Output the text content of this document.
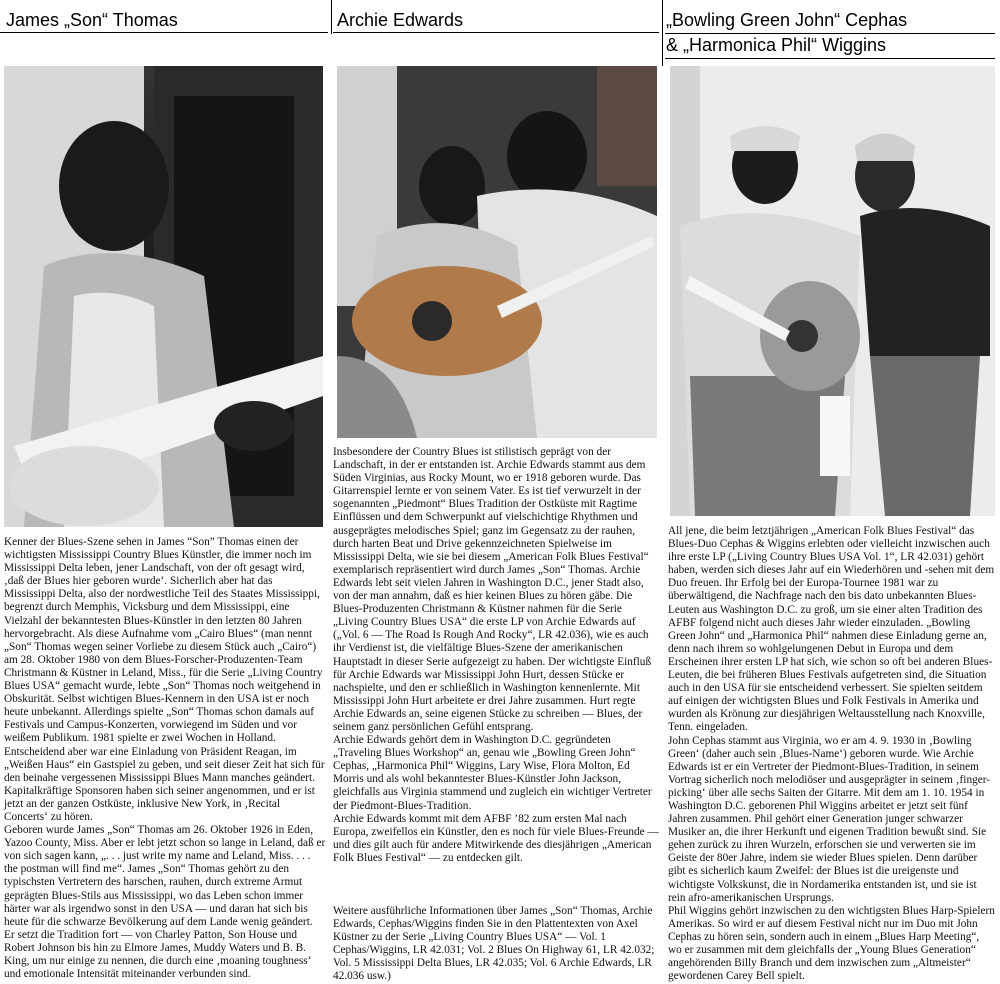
James „Son“ Thomas

Kenner der Blues-Szene sehen in James “Son” Thomas einen der wichtigsten Mississippi Country Blues Künstler, die immer noch im Mississippi Delta leben, jener Landschaft, von der oft gesagt wird, ‚daß der Blues hier geboren wurde‘. Sicherlich aber hat das Mississippi Delta, also der nordwestliche Teil des Staates Mississippi, begrenzt durch Memphis, Vicksburg und dem Mississippi, eine Vielzahl der bekanntesten Blues-Künstler in den letzten 80 Jahren hervorgebracht. Als diese Aufnahme vom „Cairo Blues“ (man nennt „Son“ Thomas wegen seiner Vorliebe zu diesem Stück auch „Cairo“) am 28. Oktober 1980 von dem Blues-Forscher-Produzenten-Team Christmann & Küstner in Leland, Miss., für die Serie „Living Country Blues USA“ gemacht wurde, lebte „Son“ Thomas noch weitgehend in Obskurität. Selbst wichtigen Blues-Kennern in den USA ist er noch heute unbekannt. Allerdings spielte „Son“ Thomas schon damals auf Festivals und Campus-Konzerten, vorwiegend im Süden und vor weißem Publikum. 1981 spielte er zwei Wochen in Holland. Entscheidend aber war eine Einladung von Präsident Reagan, im „Weißen Haus“ ein Gastspiel zu geben, und seit dieser Zeit hat sich für den beinahe vergessenen Mississippi Blues Mann manches geändert. Kapitalkräftige Sponsoren haben sich seiner angenommen, und er ist jetzt an der ganzen Ostküste, inklusive New York, in ‚Recital Concerts‘ zu hören.

Geboren wurde James „Son“ Thomas am 26. Oktober 1926 in Eden, Yazoo County, Miss. Aber er lebt jetzt schon so lange in Leland, daß er von sich sagen kann, „. . . just write my name and Leland, Miss. . . . the postman will find me“. James „Son“ Thomas gehört zu den typischsten Vertretern des harschen, rauhen, durch extreme Armut geprägten Blues-Stils aus Mississippi, wo das Leben schon immer härter war als irgendwo sonst in den USA — und daran hat sich bis heute für die schwarze Bevölkerung auf dem Lande wenig geändert. Er setzt die Tradition fort — von Charley Patton, Son House und Robert Johnson bis hin zu Elmore James, Muddy Waters und B. B. King, um nur einige zu nennen, die durch eine ‚moaning toughness‘ und emotionale Intensität miteinander verbunden sind.

Archie Edwards

Insbesondere der Country Blues ist stilistisch geprägt von der Landschaft, in der er entstanden ist. Archie Edwards stammt aus dem Süden Virginias, aus Rocky Mount, wo er 1918 geboren wurde. Das Gitarrenspiel lernte er von seinem Vater. Es ist tief verwurzelt in der sogenannten „Piedmont“ Blues Tradition der Ostküste mit Ragtime Einflüssen und dem Schwerpunkt auf vielschichtige Rhythmen und ausgeprägtes melodisches Spiel; ganz im Gegensatz zu der rauhen, durch harten Beat und Drive gekennzeichneten Spielweise im Mississippi Delta, wie sie bei diesem „American Folk Blues Festival“ exemplarisch repräsentiert wird durch James „Son“ Thomas. Archie Edwards lebt seit vielen Jahren in Washington D.C., jener Stadt also, von der man annahm, daß es hier keinen Blues zu hören gäbe. Die Blues-Produzenten Christmann & Küstner nahmen für die Serie „Living Country Blues USA“ die erste LP von Archie Edwards auf („Vol. 6 — The Road Is Rough And Rocky“, LR 42.036), wie es auch ihr Verdienst ist, die vielfältige Blues-Szene der amerikanischen Hauptstadt in dieser Serie aufgezeigt zu haben. Der wichtigste Einfluß für Archie Edwards war Mississippi John Hurt, dessen Stücke er nachspielte, und den er schließlich in Washington kennenlernte. Mit Mississippi John Hurt arbeitete er drei Jahre zusammen. Hurt regte Archie Edwards an, seine eigenen Stücke zu schreiben — Blues, der seinem ganz persönlichen Gefühl entsprang.

Archie Edwards gehört dem in Washington D.C. gegründeten „Traveling Blues Workshop“ an, genau wie „Bowling Green John“ Cephas, „Harmonica Phil“ Wiggins, Lary Wise, Flora Molton, Ed Morris und als wohl bekanntester Blues-Künstler John Jackson, gleichfalls aus Virginia stammend und zugleich ein wichtiger Vertreter der Piedmont-Blues-Tradition.

Archie Edwards kommt mit dem AFBF ’82 zum ersten Mal nach Europa, zweifellos ein Künstler, den es noch für viele Blues-Freunde — und dies gilt auch für andere Mitwirkende des diesjährigen „American Folk Blues Festival“ — zu entdecken gilt.

Weitere ausführliche Informationen über James „Son“ Thomas, Archie Edwards, Cephas/Wiggins finden Sie in den Plattentexten von Axel Küstner zu der Serie „Living Country Blues USA“ — Vol. 1 Cephas/Wiggins, LR 42.031; Vol. 2 Blues On Highway 61, LR 42.032; Vol. 5 Mississippi Delta Blues, LR 42.035; Vol. 6 Archie Edwards, LR 42.036 usw.)

„Bowling Green John“ Cephas
& „Harmonica Phil“ Wiggins

All jene, die beim letztjährigen „American Folk Blues Festival“ das Blues-Duo Cephas & Wiggins erlebten oder vielleicht inzwischen auch ihre erste LP („Living Country Blues USA Vol. 1“, LR 42.031) gehört haben, werden sich dieses Jahr auf ein Wiederhören und -sehen mit dem Duo freuen. Ihr Erfolg bei der Europa-Tournee 1981 war zu überwältigend, die Nachfrage nach den bis dato unbekannten Blues-Leuten aus Washington D.C. zu groß, um sie einer alten Tradition des AFBF folgend nicht auch dieses Jahr wieder einzuladen. „Bowling Green John“ und „Harmonica Phil“ nahmen diese Einladung gerne an, denn nach ihrem so wohlgelungenen Debut in Europa und dem Erscheinen ihrer ersten LP hat sich, wie schon so oft bei anderen Blues-Leuten, die bei früheren Blues Festivals aufgetreten sind, die Situation auch in den USA für sie entscheidend verbessert. Sie spielten seitdem auf einigen der wichtigsten Blues und Folk Festivals in Amerika und wurden als Krönung zur diesjährigen Weltausstellung nach Knoxville, Tenn. eingeladen.

John Cephas stammt aus Virginia, wo er am 4. 9. 1930 in ‚Bowling Green‘ (daher auch sein ‚Blues-Name‘) geboren wurde. Wie Archie Edwards ist er ein Vertreter der Piedmont-Blues-Tradition, in seinem Vortrag sicherlich noch melodiöser und ausgeprägter in seinem ‚finger-picking‘ über alle sechs Saiten der Gitarre. Mit dem am 1. 10. 1954 in Washington D.C. geborenen Phil Wiggins arbeitet er jetzt seit fünf Jahren zusammen. Phil gehört einer Generation junger schwarzer Musiker an, die ihrer Herkunft und eigenen Tradition bewußt sind. Sie gehen zurück zu ihren Wurzeln, erforschen sie und verwerten sie im Geiste der 80er Jahre, indem sie wieder Blues spielen. Denn darüber gibt es sicherlich kaum Zweifel: der Blues ist die ureigenste und wichtigste Volkskunst, die in Nordamerika entstanden ist, und sie ist rein afro-amerikanischen Ursprungs.

Phil Wiggins gehört inzwischen zu den wichtigsten Blues Harp-Spielern Amerikas. So wird er auf diesem Festival nicht nur im Duo mit John Cephas zu hören sein, sondern auch in einem „Blues Harp Meeting“, wo er zusammen mit dem gleichfalls der „Young Blues Generation“ angehörenden Billy Branch und dem inzwischen zum „Altmeister“ gewordenen Carey Bell spielt.
